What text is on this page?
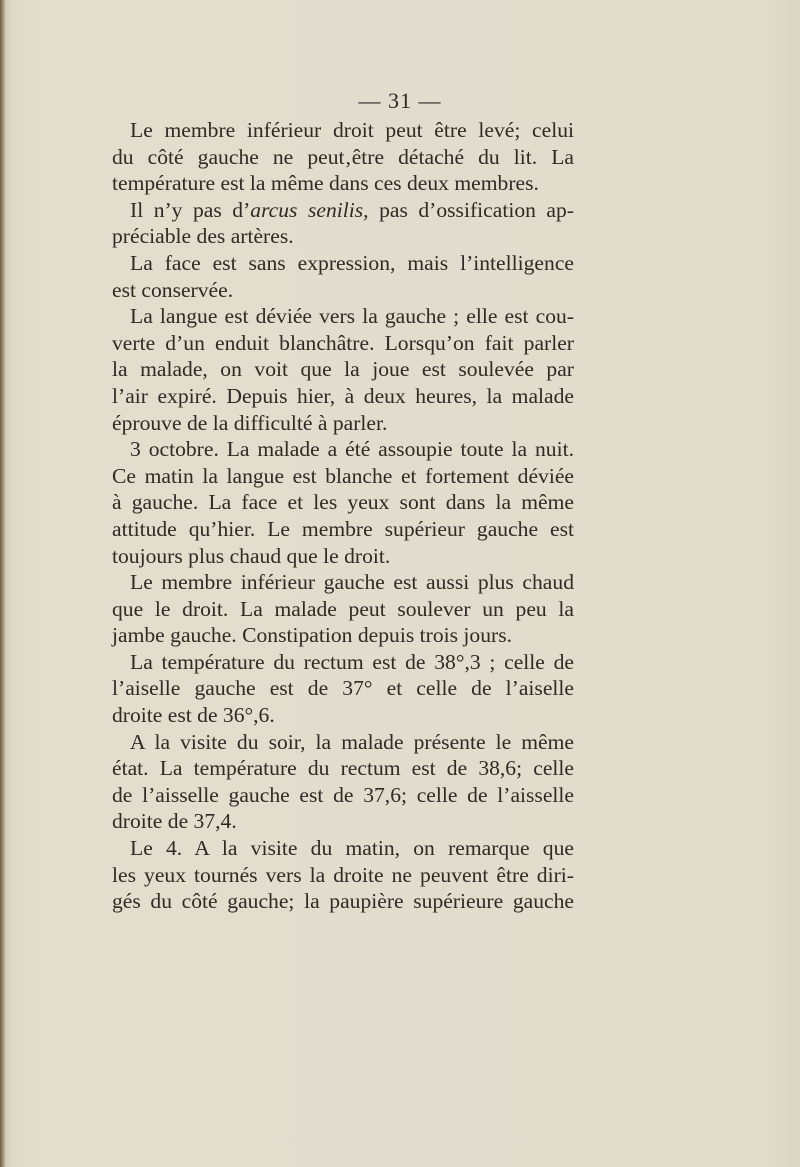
— 31 —
Le membre inférieur droit peut être levé; celui
du côté gauche ne peut‚être détaché du lit. La
température est la même dans ces deux membres.
Il n’y pas d’arcus senilis, pas d’ossification ap-
préciable des artères.
La face est sans expression, mais l’intelligence
est conservée.
La langue est déviée vers la gauche ; elle est cou-
verte d’un enduit blanchâtre. Lorsqu’on fait parler
la malade, on voit que la joue est soulevée par
l’air expiré. Depuis hier, à deux heures, la malade
éprouve de la difficulté à parler.
3 octobre. La malade a été assoupie toute la nuit.
Ce matin la langue est blanche et fortement déviée
à gauche. La face et les yeux sont dans la même
attitude qu’hier. Le membre supérieur gauche est
toujours plus chaud que le droit.
Le membre inférieur gauche est aussi plus chaud
que le droit. La malade peut soulever un peu la
jambe gauche. Constipation depuis trois jours.
La température du rectum est de 38°,3 ; celle de
l’aiselle gauche est de 37° et celle de l’aiselle
droite est de 36°,6.
A la visite du soir, la malade présente le même
état. La température du rectum est de 38,6; celle
de l’aisselle gauche est de 37,6; celle de l’aisselle
droite de 37,4.
Le 4. A la visite du matin, on remarque que
les yeux tournés vers la droite ne peuvent être diri-
gés du côté gauche; la paupière supérieure gauche
